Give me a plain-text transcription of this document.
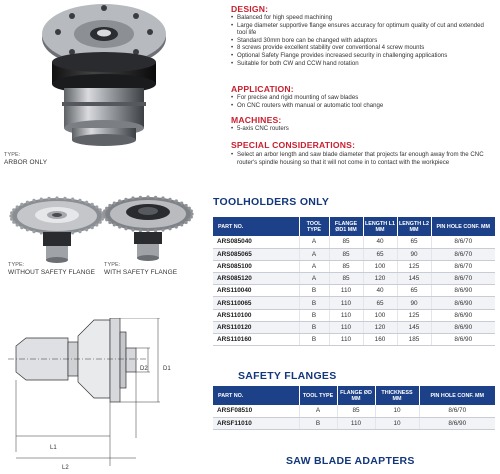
TYPE:
ARBOR ONLY
TYPE:
WITHOUT SAFETY FLANGE
TYPE:
WITH SAFETY FLANGE
D2	D1
L1
L2
DESIGN:
• Balanced for high speed machining
• Large diameter supportive flange ensures accuracy for optimum quality of cut and extended tool life
• Standard 30mm bore can be changed with adaptors
• 8 screws provide excellent stability over conventional 4 screw mounts
• Optional Safety Flange provides increased security in challenging applications
• Suitable for both CW and CCW hand rotation
APPLICATION:
• For precise and rigid mounting of saw blades
• On CNC routers with manual or automatic tool change
MACHINES:
• 5-axis CNC routers
SPECIAL CONSIDERATIONS:
• Select an arbor length and saw blade diameter that projects far enough away from the CNC router's spindle housing so that it will not come in to contact with the workpiece
TOOLHOLDERS ONLY
PART NO.	TOOL TYPE	FLANGE ØD1 MM	LENGTH L1 MM	LENGTH L2 MM	PIN HOLE CONF. MM
ARS085040	A	85	40	65	8/6/70
ARS085065	A	85	65	90	8/6/70
ARS085100	A	85	100	125	8/6/70
ARS085120	A	85	120	145	8/6/70
ARS110040	B	110	40	65	8/6/90
ARS110065	B	110	65	90	8/6/90
ARS110100	B	110	100	125	8/6/90
ARS110120	B	110	120	145	8/6/90
ARS110160	B	110	160	185	8/6/90
SAFETY FLANGES
PART NO.	TOOL TYPE	FLANGE ØD MM	THICKNESS MM	PIN HOLE CONF. MM
ARSF08510	A	85	10	8/6/70
ARSF11010	B	110	10	8/6/90
SAW BLADE ADAPTERS
